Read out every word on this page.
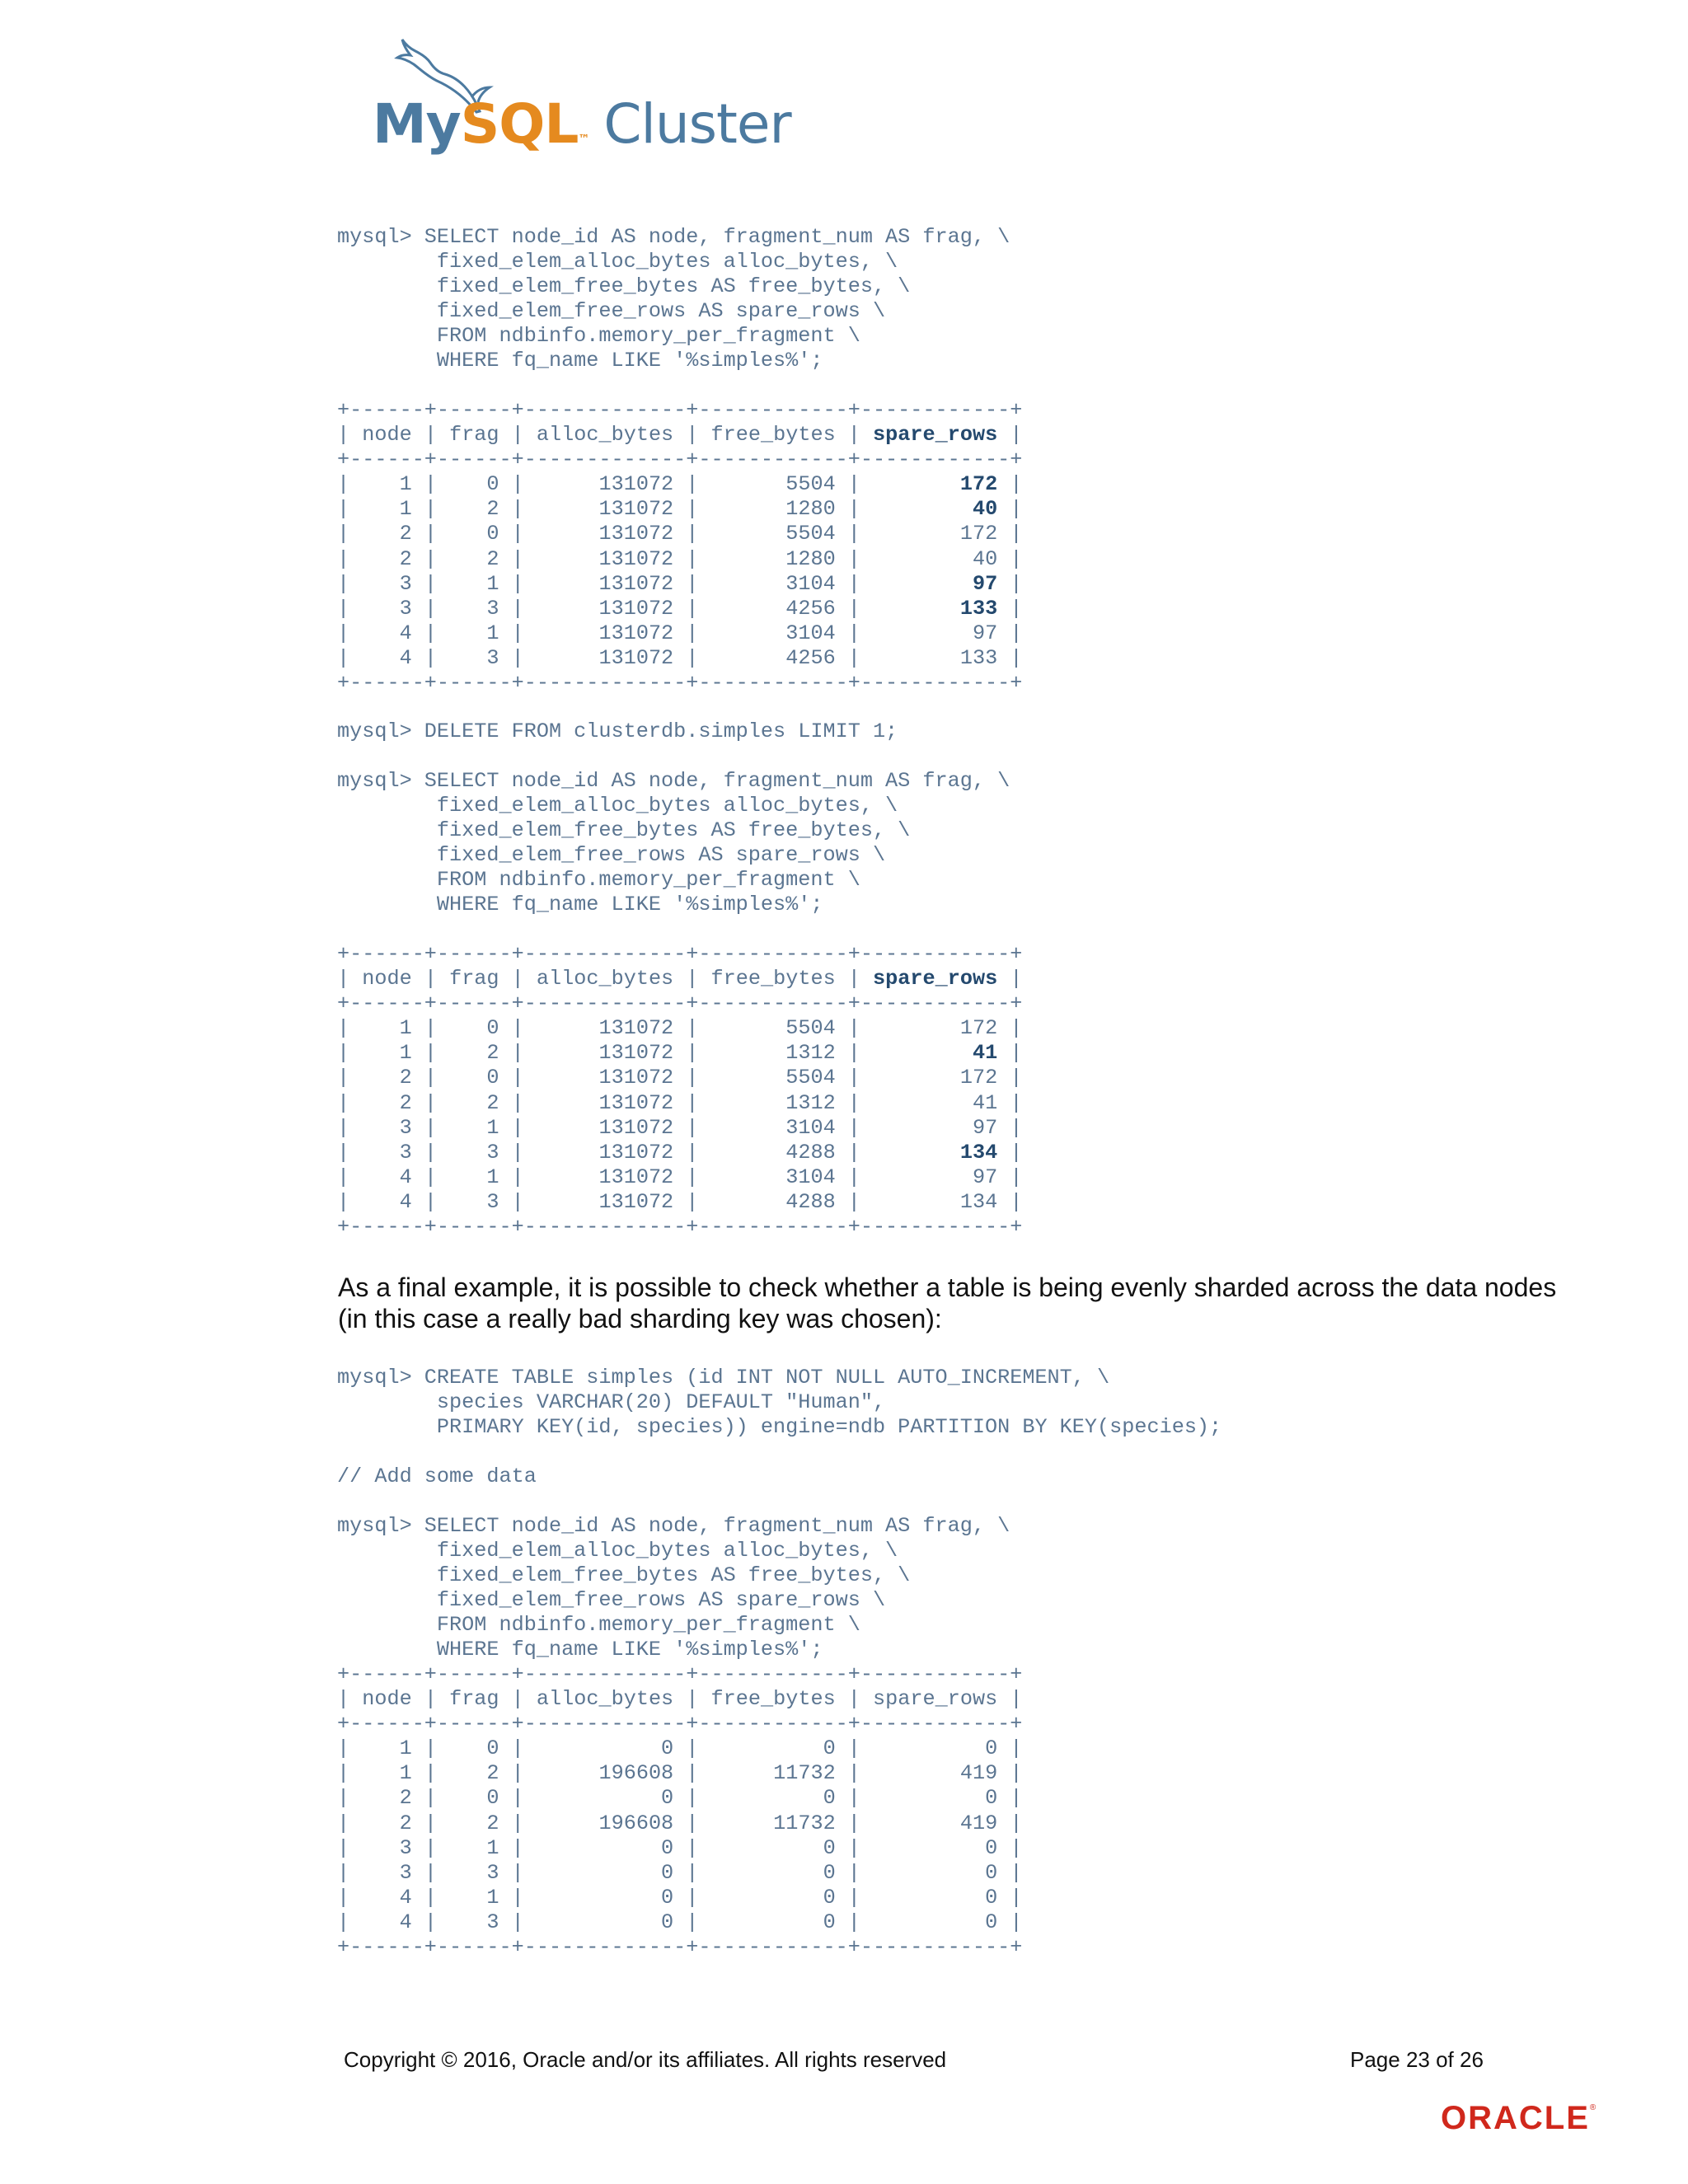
MySQL™ Cluster
mysql> SELECT node_id AS node, fragment_num AS frag, \
fixed_elem_alloc_bytes alloc_bytes, \
fixed_elem_free_bytes AS free_bytes, \
fixed_elem_free_rows AS spare_rows \
FROM ndbinfo.memory_per_fragment \
WHERE fq_name LIKE '%simples%';
+------+------+-------------+------------+------------+
| node | frag | alloc_bytes | free_bytes | spare_rows |
+------+------+-------------+------------+------------+
|    1 |    0 |      131072 |       5504 |        172 |
|    1 |    2 |      131072 |       1280 |         40 |
|    2 |    0 |      131072 |       5504 |        172 |
|    2 |    2 |      131072 |       1280 |         40 |
|    3 |    1 |      131072 |       3104 |         97 |
|    3 |    3 |      131072 |       4256 |        133 |
|    4 |    1 |      131072 |       3104 |         97 |
|    4 |    3 |      131072 |       4256 |        133 |
+------+------+-------------+------------+------------+
mysql> DELETE FROM clusterdb.simples LIMIT 1;
mysql> SELECT node_id AS node, fragment_num AS frag, \
fixed_elem_alloc_bytes alloc_bytes, \
fixed_elem_free_bytes AS free_bytes, \
fixed_elem_free_rows AS spare_rows \
FROM ndbinfo.memory_per_fragment \
WHERE fq_name LIKE '%simples%';
+------+------+-------------+------------+------------+
| node | frag | alloc_bytes | free_bytes | spare_rows |
+------+------+-------------+------------+------------+
|    1 |    0 |      131072 |       5504 |        172 |
|    1 |    2 |      131072 |       1312 |         41 |
|    2 |    0 |      131072 |       5504 |        172 |
|    2 |    2 |      131072 |       1312 |         41 |
|    3 |    1 |      131072 |       3104 |         97 |
|    3 |    3 |      131072 |       4288 |        134 |
|    4 |    1 |      131072 |       3104 |         97 |
|    4 |    3 |      131072 |       4288 |        134 |
+------+------+-------------+------------+------------+

As a final example, it is possible to check whether a table is being evenly sharded across the data nodes (in this case a really bad sharding key was chosen):

mysql> CREATE TABLE simples (id INT NOT NULL AUTO_INCREMENT, \
species VARCHAR(20) DEFAULT "Human",
PRIMARY KEY(id, species)) engine=ndb PARTITION BY KEY(species);
// Add some data
mysql> SELECT node_id AS node, fragment_num AS frag, \
fixed_elem_alloc_bytes alloc_bytes, \
fixed_elem_free_bytes AS free_bytes, \
fixed_elem_free_rows AS spare_rows \
FROM ndbinfo.memory_per_fragment \
WHERE fq_name LIKE '%simples%';
+------+------+-------------+------------+------------+
| node | frag | alloc_bytes | free_bytes | spare_rows |
+------+------+-------------+------------+------------+
|    1 |    0 |           0 |          0 |          0 |
|    1 |    2 |      196608 |      11732 |        419 |
|    2 |    0 |           0 |          0 |          0 |
|    2 |    2 |      196608 |      11732 |        419 |
|    3 |    1 |           0 |          0 |          0 |
|    3 |    3 |           0 |          0 |          0 |
|    4 |    1 |           0 |          0 |          0 |
|    4 |    3 |           0 |          0 |          0 |
+------+------+-------------+------------+------------+
Copyright © 2016, Oracle and/or its affiliates. All rights reserved	Page 23 of 26
ORACLE®
